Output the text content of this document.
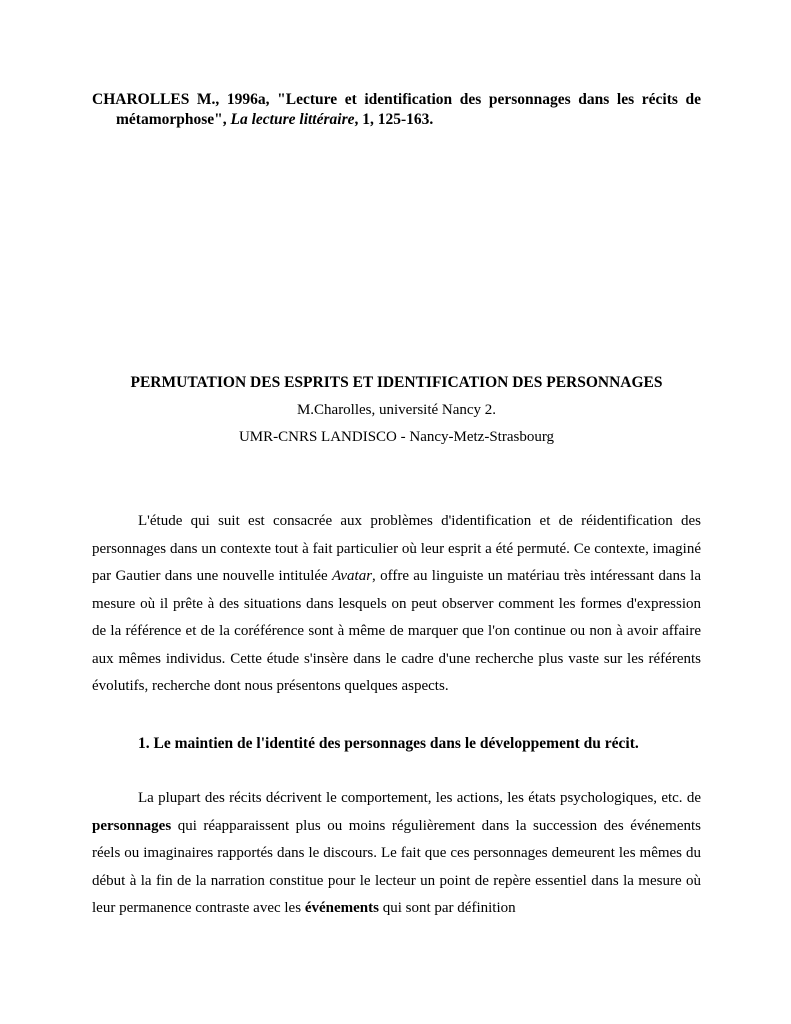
CHAROLLES M., 1996a, "Lecture et identification des personnages dans les récits de
métamorphose", La lecture littéraire, 1, 125-163.
PERMUTATION DES ESPRITS ET IDENTIFICATION DES PERSONNAGES
M.Charolles, université Nancy 2.
UMR-CNRS LANDISCO - Nancy-Metz-Strasbourg

L'étude qui suit est consacrée aux problèmes d'identification et de réidentification des personnages dans un contexte tout à fait particulier où leur esprit a été permuté. Ce contexte, imaginé par Gautier dans une nouvelle intitulée Avatar, offre au linguiste un matériau très intéressant dans la mesure où il prête à des situations dans lesquels on peut observer comment les formes d'expression de la référence et de la coréférence sont à même de marquer que l'on continue ou non à avoir affaire aux mêmes individus. Cette étude s'insère dans le cadre d'une recherche plus vaste sur les référents évolutifs, recherche dont nous présentons quelques aspects.

1. Le maintien de l'identité des personnages dans le développement du récit.

La plupart des récits décrivent le comportement, les actions, les états psychologiques, etc. de personnages qui réapparaissent plus ou moins régulièrement dans la succession des événements réels ou imaginaires rapportés dans le discours. Le fait que ces personnages demeurent les mêmes du début à la fin de la narration constitue pour le lecteur un point de repère essentiel dans la mesure où leur permanence contraste avec les événements qui sont par définition
